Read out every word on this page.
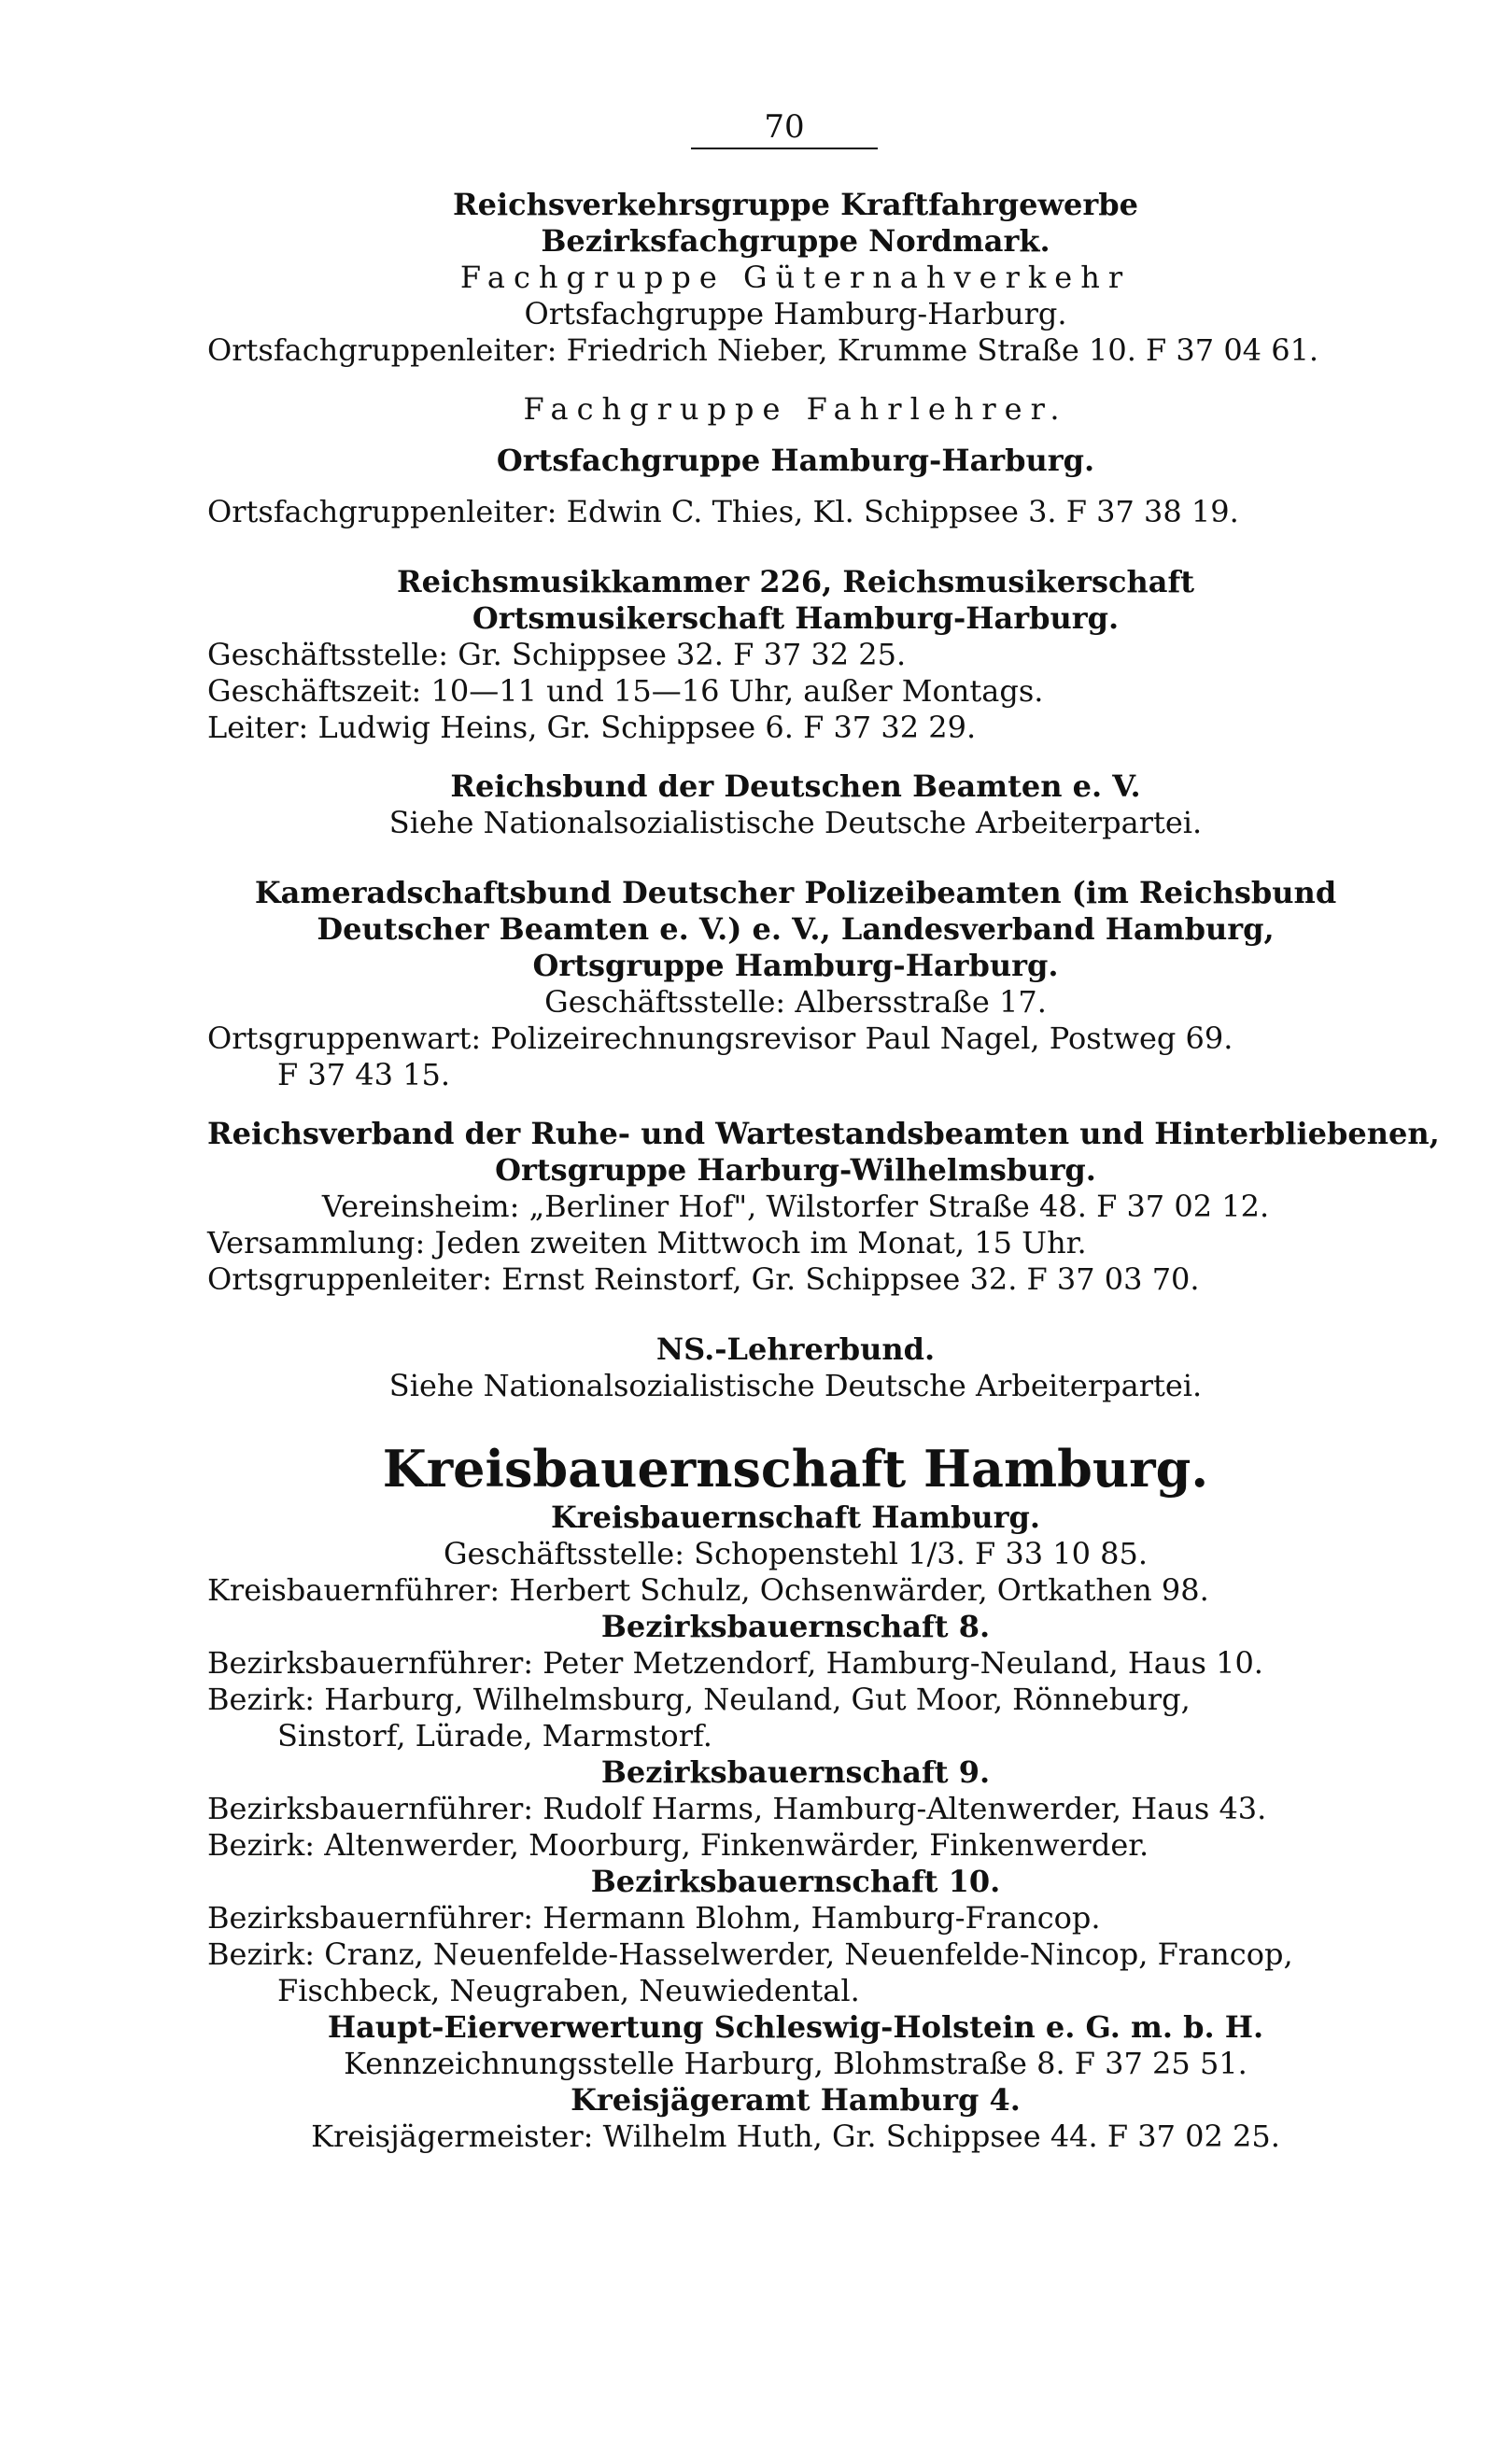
70
Reichsverkehrsgruppe Kraftfahrgewerbe
Bezirksfachgruppe Nordmark.
Fachgruppe Güternahverkehr
Ortsfachgruppe Hamburg-Harburg.
Ortsfachgruppenleiter: Friedrich Nieber, Krumme Straße 10. F 37 04 61.
Fachgruppe Fahrlehrer.
Ortsfachgruppe Hamburg-Harburg.
Ortsfachgruppenleiter: Edwin C. Thies, Kl. Schippsee 3. F 37 38 19.
Reichsmusikkammer 226, Reichsmusikerschaft
Ortsmusikerschaft Hamburg-Harburg.
Geschäftsstelle: Gr. Schippsee 32. F 37 32 25.
Geschäftszeit: 10—11 und 15—16 Uhr, außer Montags.
Leiter: Ludwig Heins, Gr. Schippsee 6. F 37 32 29.
Reichsbund der Deutschen Beamten e. V.
Siehe Nationalsozialistische Deutsche Arbeiterpartei.
Kameradschaftsbund Deutscher Polizeibeamten (im Reichsbund
Deutscher Beamten e. V.) e. V., Landesverband Hamburg,
Ortsgruppe Hamburg-Harburg.
Geschäftsstelle: Albersstraße 17.
Ortsgruppenwart: Polizeirechnungsrevisor Paul Nagel, Postweg 69.
F 37 43 15.
Reichsverband der Ruhe- und Wartestandsbeamten und Hinterbliebenen,
Ortsgruppe Harburg-Wilhelmsburg.
Vereinsheim: „Berliner Hof", Wilstorfer Straße 48. F 37 02 12.
Versammlung: Jeden zweiten Mittwoch im Monat, 15 Uhr.
Ortsgruppenleiter: Ernst Reinstorf, Gr. Schippsee 32. F 37 03 70.
NS.-Lehrerbund.
Siehe Nationalsozialistische Deutsche Arbeiterpartei.
Kreisbauernschaft Hamburg.
Kreisbauernschaft Hamburg.
Geschäftsstelle: Schopenstehl 1/3. F 33 10 85.
Kreisbauernführer: Herbert Schulz, Ochsenwärder, Ortkathen 98.
Bezirksbauernschaft 8.
Bezirksbauernführer: Peter Metzendorf, Hamburg-Neuland, Haus 10.
Bezirk: Harburg, Wilhelmsburg, Neuland, Gut Moor, Rönneburg,
Sinstorf, Lürade, Marmstorf.
Bezirksbauernschaft 9.
Bezirksbauernführer: Rudolf Harms, Hamburg-Altenwerder, Haus 43.
Bezirk: Altenwerder, Moorburg, Finkenwärder, Finkenwerder.
Bezirksbauernschaft 10.
Bezirksbauernführer: Hermann Blohm, Hamburg-Francop.
Bezirk: Cranz, Neuenfelde-Hasselwerder, Neuenfelde-Nincop, Francop,
Fischbeck, Neugraben, Neuwiedental.
Haupt-Eierverwertung Schleswig-Holstein e. G. m. b. H.
Kennzeichnungsstelle Harburg, Blohmstraße 8. F 37 25 51.
Kreisjägeramt Hamburg 4.
Kreisjägermeister: Wilhelm Huth, Gr. Schippsee 44. F 37 02 25.
